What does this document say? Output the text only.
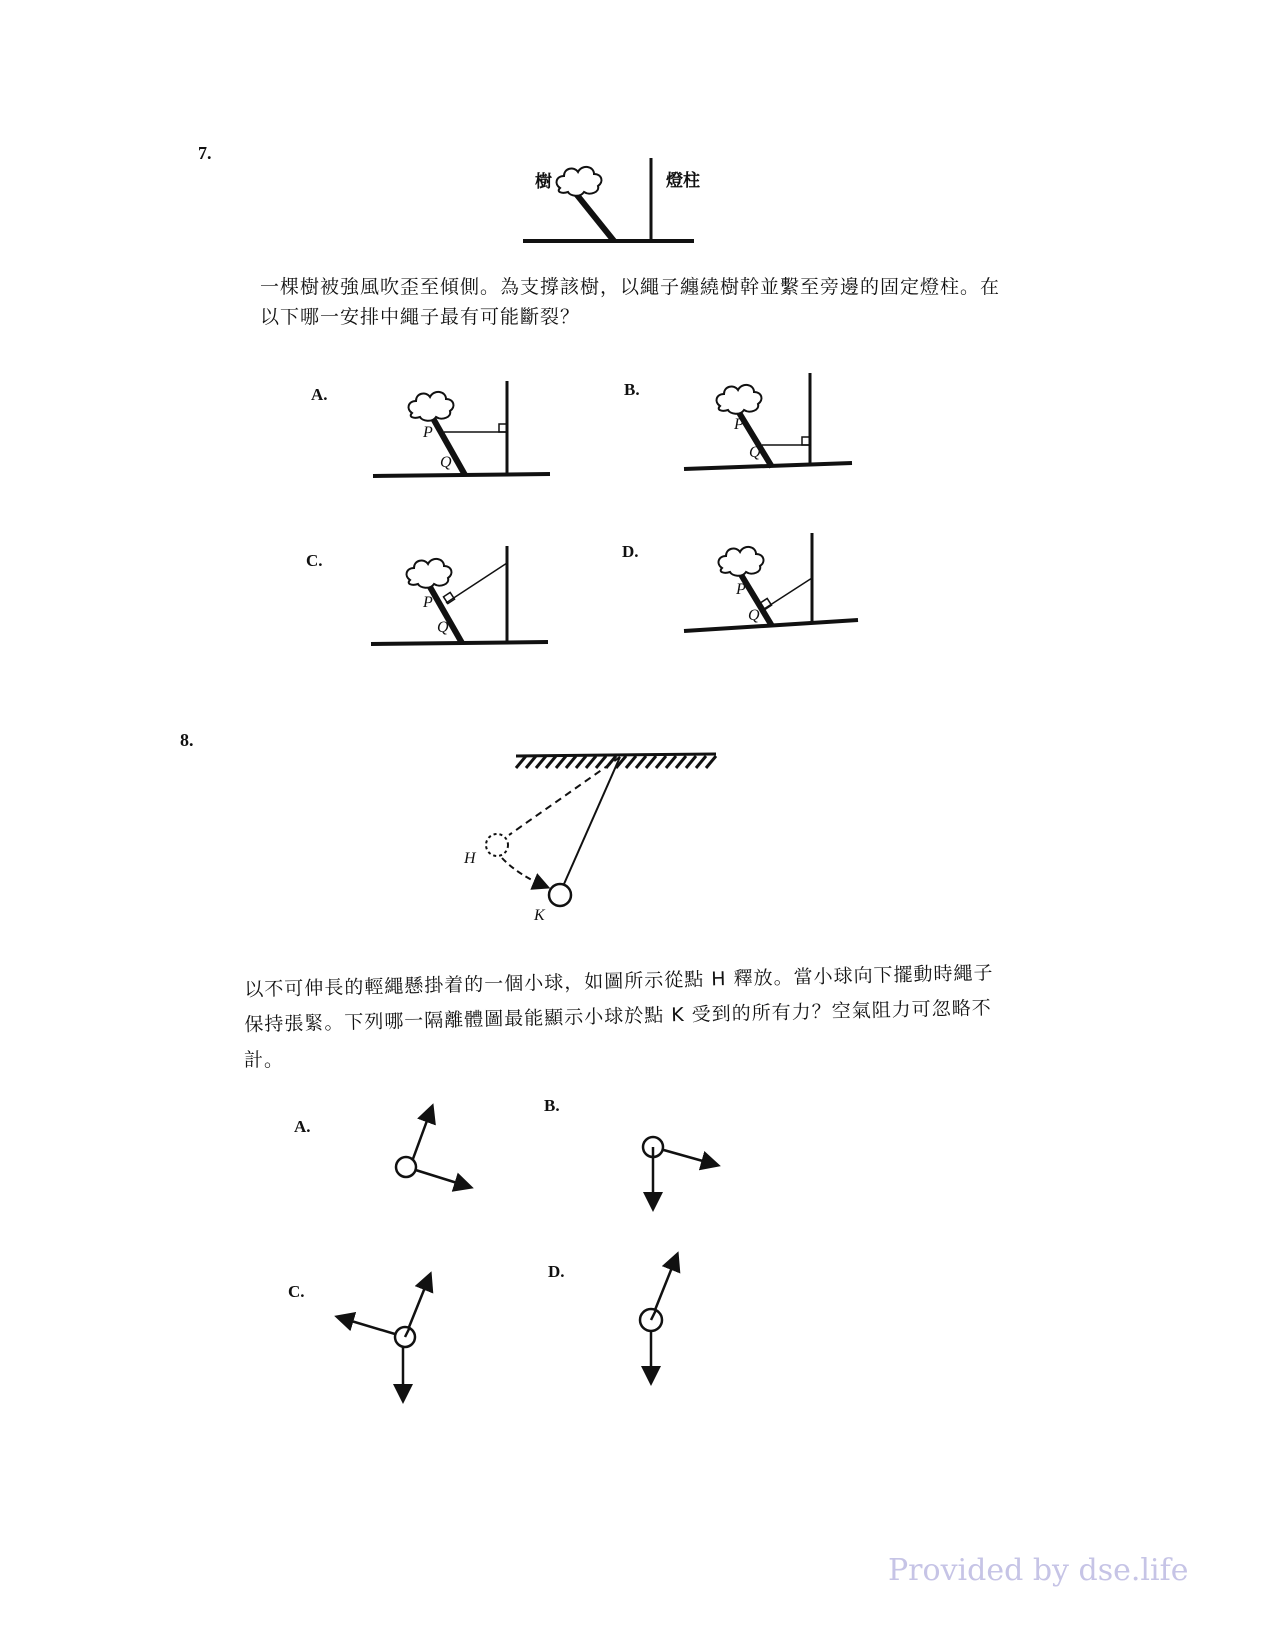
7.
樹	燈柱
一棵樹被強風吹歪至傾側。為支撐該樹，以繩子纏繞樹幹並繫至旁邊的固定燈柱。在
以下哪一安排中繩子最有可能斷裂？
A.
P
Q
B.
P
Q
C.
P
Q
D.
P
Q
8.
H
K
以不可伸長的輕繩懸掛着的一個小球，如圖所示從點 H 釋放。當小球向下擺動時繩子
保持張緊。下列哪一隔離體圖最能顯示小球於點 K 受到的所有力？空氣阻力可忽略不
計。
A.
B.
C.
D.
Provided by dse.life
